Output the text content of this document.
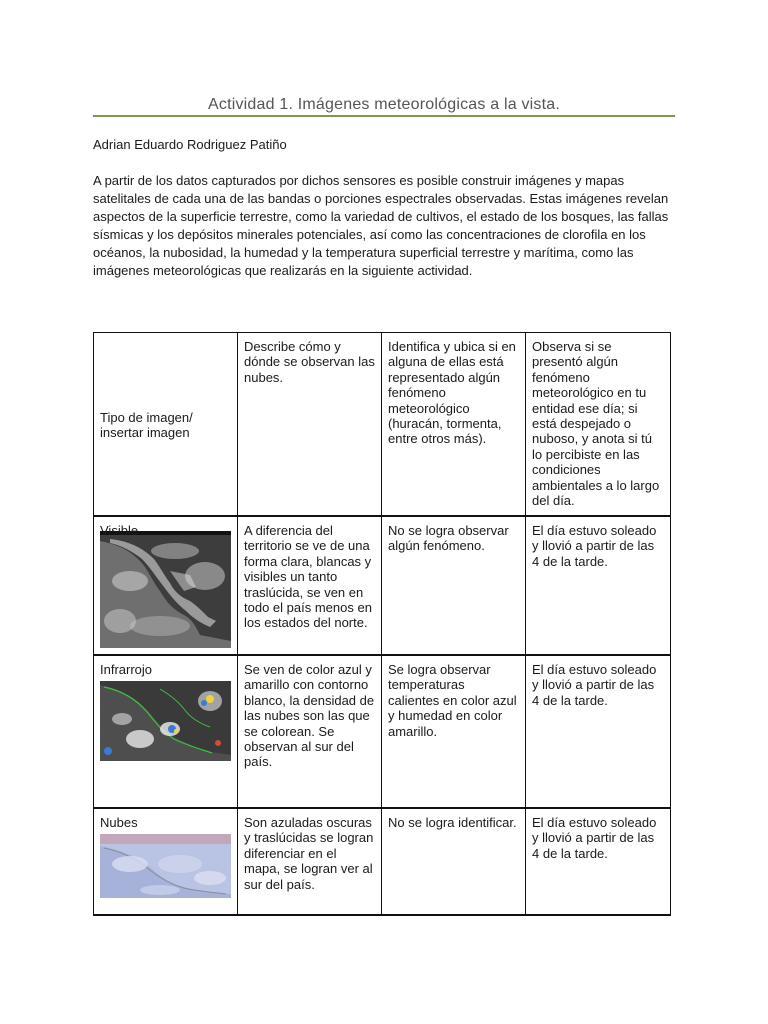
Actividad 1. Imágenes meteorológicas a la vista.
Adrian Eduardo Rodriguez Patiño

A partir de los datos capturados por dichos sensores es posible construir imágenes y mapas satelitales de cada una de las bandas o porciones espectrales observadas. Estas imágenes revelan aspectos de la superficie terrestre, como la variedad de cultivos, el estado de los bosques, las fallas sísmicas y los depósitos minerales potenciales, así como las concentraciones de clorofila en los océanos, la nubosidad, la humedad y la temperatura superficial terrestre y marítima, como las imágenes meteorológicas que realizarás en la siguiente actividad.

Tipo de imagen/ insertar imagen	Describe cómo y dónde se observan las nubes.	Identifica y ubica si en alguna de ellas está representado algún fenómeno meteorológico (huracán, tormenta, entre otros más).	Observa si se presentó algún fenómeno meteorológico en tu entidad ese día; si está despejado o nuboso, y anota si tú lo percibiste en las condiciones ambientales a lo largo del día.

Visible	A diferencia del territorio se ve de una forma clara, blancas y visibles un tanto traslúcida, se ven en todo el país menos en los estados del norte.	No se logra observar algún fenómeno.	El día estuvo soleado y llovió a partir de las 4 de la tarde.

Infrarrojo	Se ven de color azul y amarillo con contorno blanco, la densidad de las nubes son las que se colorean. Se observan al sur del país.	Se logra observar temperaturas calientes en color azul y humedad en color amarillo.	El día estuvo soleado y llovió a partir de las 4 de la tarde.

Nubes	Son azuladas oscuras y traslúcidas se logran diferenciar en el mapa, se logran ver al sur del país.	No se logra identificar.	El día estuvo soleado y llovió a partir de las 4 de la tarde.
